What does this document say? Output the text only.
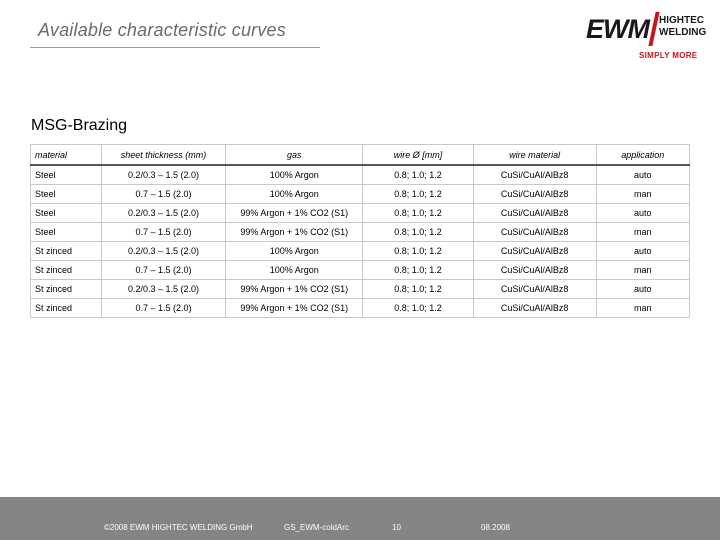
Available characteristic curves	EWM HIGHTEC
WELDING
SIMPLY MORE
MSG-Brazing
material	sheet thickness (mm)	gas	wire Ø [mm]	wire material	application
Steel	0.2/0.3 – 1.5 (2.0)	100% Argon	0.8; 1.0; 1.2	CuSi/CuAl/AlBz8	auto
Steel	0.7 – 1.5 (2.0)	100% Argon	0.8; 1.0; 1.2	CuSi/CuAl/AlBz8	man
Steel	0.2/0.3 – 1.5 (2.0)	99% Argon + 1% CO2 (S1)	0.8; 1.0; 1.2	CuSi/CuAl/AlBz8	auto
Steel	0.7 – 1.5 (2.0)	99% Argon + 1% CO2 (S1)	0.8; 1.0; 1.2	CuSi/CuAl/AlBz8	man
St zinced	0.2/0.3 – 1.5 (2.0)	100% Argon	0.8; 1.0; 1.2	CuSi/CuAl/AlBz8	auto
St zinced	0.7 – 1.5 (2.0)	100% Argon	0.8; 1.0; 1.2	CuSi/CuAl/AlBz8	man
St zinced	0.2/0.3 – 1.5 (2.0)	99% Argon + 1% CO2 (S1)	0.8; 1.0; 1.2	CuSi/CuAl/AlBz8	auto
St zinced	0.7 – 1.5 (2.0)	99% Argon + 1% CO2 (S1)	0.8; 1.0; 1.2	CuSi/CuAl/AlBz8	man
©2008 EWM HIGHTEC WELDING GmbH	GS_EWM-coldArc	10	08.2008
